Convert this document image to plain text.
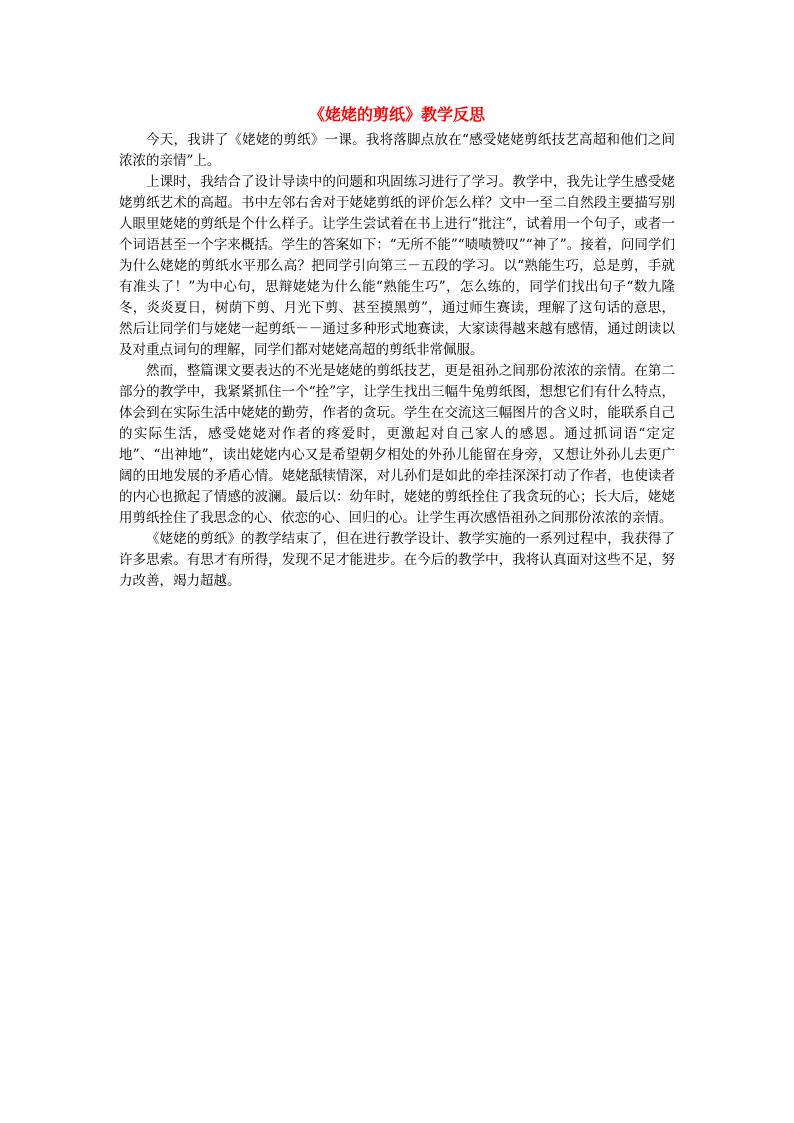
《姥姥的剪纸》教学反思

今天，我讲了《姥姥的剪纸》一课。我将落脚点放在“感受姥姥剪纸技艺高超和他们之间浓浓的亲情”上。

上课时，我结合了设计导读中的问题和巩固练习进行了学习。教学中，我先让学生感受姥姥剪纸艺术的高超。书中左邻右舍对于姥姥剪纸的评价怎么样？文中一至二自然段主要描写别人眼里姥姥的剪纸是个什么样子。让学生尝试着在书上进行“批注”，试着用一个句子，或者一个词语甚至一个字来概括。学生的答案如下：“无所不能”“啧啧赞叹”“神了”。接着，问同学们为什么姥姥的剪纸水平那么高？把同学引向第三－五段的学习。以“熟能生巧，总是剪，手就有准头了！”为中心句，思辩姥姥为什么能“熟能生巧”，怎么练的，同学们找出句子“数九隆冬，炎炎夏日，树荫下剪、月光下剪、甚至摸黑剪”，通过师生赛读，理解了这句话的意思，然后让同学们与姥姥一起剪纸－－通过多种形式地赛读，大家读得越来越有感情，通过朗读以及对重点词句的理解，同学们都对姥姥高超的剪纸非常佩服。

然而，整篇课文要表达的不光是姥姥的剪纸技艺，更是祖孙之间那份浓浓的亲情。在第二部分的教学中，我紧紧抓住一个“拴”字，让学生找出三幅牛兔剪纸图，想想它们有什么特点，体会到在实际生活中姥姥的勤劳，作者的贪玩。学生在交流这三幅图片的含义时，能联系自己的实际生活，感受姥姥对作者的疼爱时，更激起对自己家人的感恩。通过抓词语“定定地”、“出神地”，读出姥姥内心又是希望朝夕相处的外孙儿能留在身旁，又想让外孙儿去更广阔的田地发展的矛盾心情。姥姥舐犊情深，对儿孙们是如此的牵挂深深打动了作者，也使读者的内心也掀起了情感的波澜。最后以：幼年时，姥姥的剪纸拴住了我贪玩的心；长大后，姥姥用剪纸拴住了我思念的心、依恋的心、回归的心。让学生再次感悟祖孙之间那份浓浓的亲情。

《姥姥的剪纸》的教学结束了，但在进行教学设计、教学实施的一系列过程中，我获得了许多思索。有思才有所得，发现不足才能进步。在今后的教学中，我将认真面对这些不足，努力改善，竭力超越。
